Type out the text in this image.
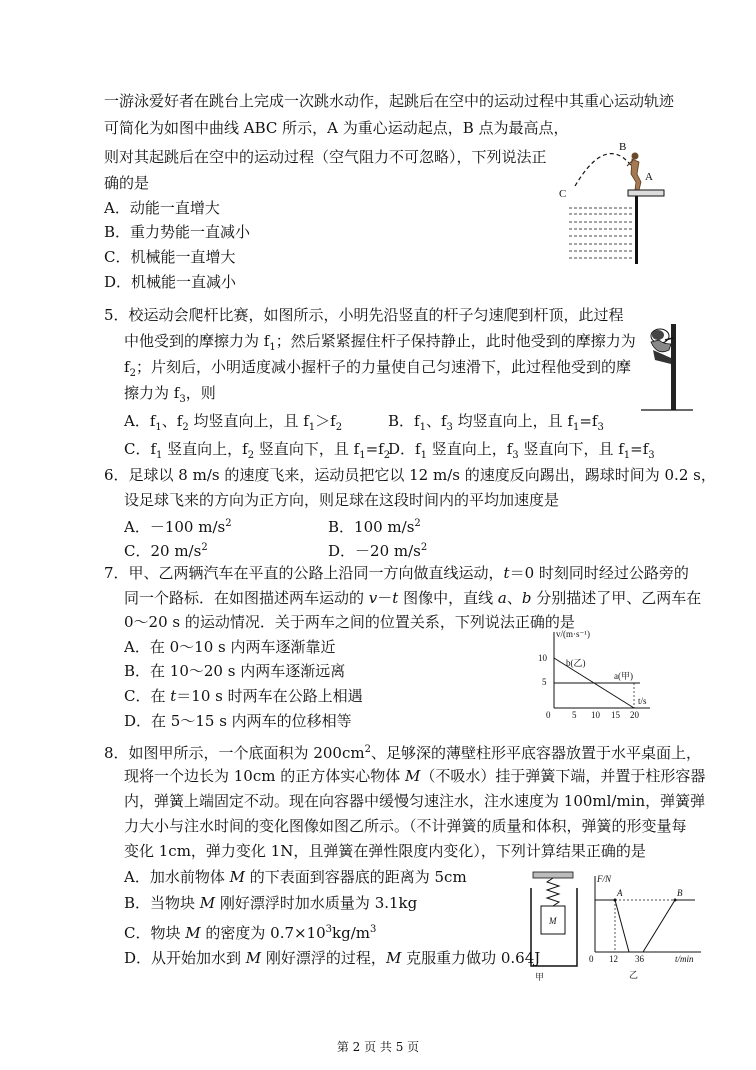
一游泳爱好者在跳台上完成一次跳水动作，起跳后在空中的运动过程中其重心运动轨迹
可简化为如图中曲线 ABC 所示，A 为重心运动起点，B 点为最高点，
则对其起跳后在空中的运动过程（空气阻力不可忽略），下列说法正
确的是
A．动能一直增大
B．重力势能一直减小
C．机械能一直增大
D．机械能一直减小
B
A
C
5．校运动会爬杆比赛，如图所示，小明先沿竖直的杆子匀速爬到杆顶，此过程
中他受到的摩擦力为 $f_1$；然后紧紧握住杆子保持静止，此时他受到的摩擦力为
$f_2$；片刻后，小明适度减小握杆子的力量使自己匀速滑下，此过程他受到的摩
擦力为 $f_3$，则
A．$f_1$、$f_2$ 均竖直向上，且 $f_1>f_2$	B．$f_1$、$f_3$ 均竖直向上，且 $f_1=f_3$
C．$f_1$ 竖直向上，$f_2$ 竖直向下，且 $f_1=f_2$
D．$f_1$ 竖直向上，$f_3$ 竖直向下，且 $f_1=f_3$
6．足球以 8 m/s 的速度飞来，运动员把它以 12 m/s 的速度反向踢出，踢球时间为 0.2 s，
设足球飞来的方向为正方向，则足球在这段时间内的平均加速度是
A．－100 $m/s^2$	B．100 $m/s^2$
C．20 $m/s^2$	D．－20 $m/s^2$
7．甲、乙两辆汽车在平直的公路上沿同一方向做直线运动，t＝0 时刻同时经过公路旁的
同一个路标．在如图描述两车运动的 v－t 图像中，直线 a、b 分别描述了甲、乙两车在
0～20 s 的运动情况．关于两车之间的位置关系，下列说法正确的是
A．在 0～10 s 内两车逐渐靠近
B．在 10～20 s 内两车逐渐远离
C．在 t＝10 s 时两车在公路上相遇
D．在 5～15 s 内两车的位移相等
v/(m·s⁻¹)
t/s
10
5
0 5 10 15 20
b(乙)
a(甲)
8．如图甲所示，一个底面积为 $200cm^2$、足够深的薄壁柱形平底容器放置于水平桌面上，
现将一个边长为 10cm 的正方体实心物体 M（不吸水）挂于弹簧下端，并置于柱形容器
内，弹簧上端固定不动。现在向容器中缓慢匀速注水，注水速度为 100ml/min，弹簧弹
力大小与注水时间的变化图像如图乙所示。（不计弹簧的质量和体积，弹簧的形变量每
变化 1cm，弹力变化 1N，且弹簧在弹性限度内变化），下列计算结果正确的是
A．加水前物体 M 的下表面到容器底的距离为 5cm
B．当物块 M 刚好漂浮时加水质量为 3.1kg
C．物块 M 的密度为 $0.7\times 10^3kg/m^3$
D．从开始加水到 M 刚好漂浮的过程，M 克服重力做功 0.64J
M
甲
F/N
t/min
0 12 36
A	B
乙
第 2 页 共 5 页
